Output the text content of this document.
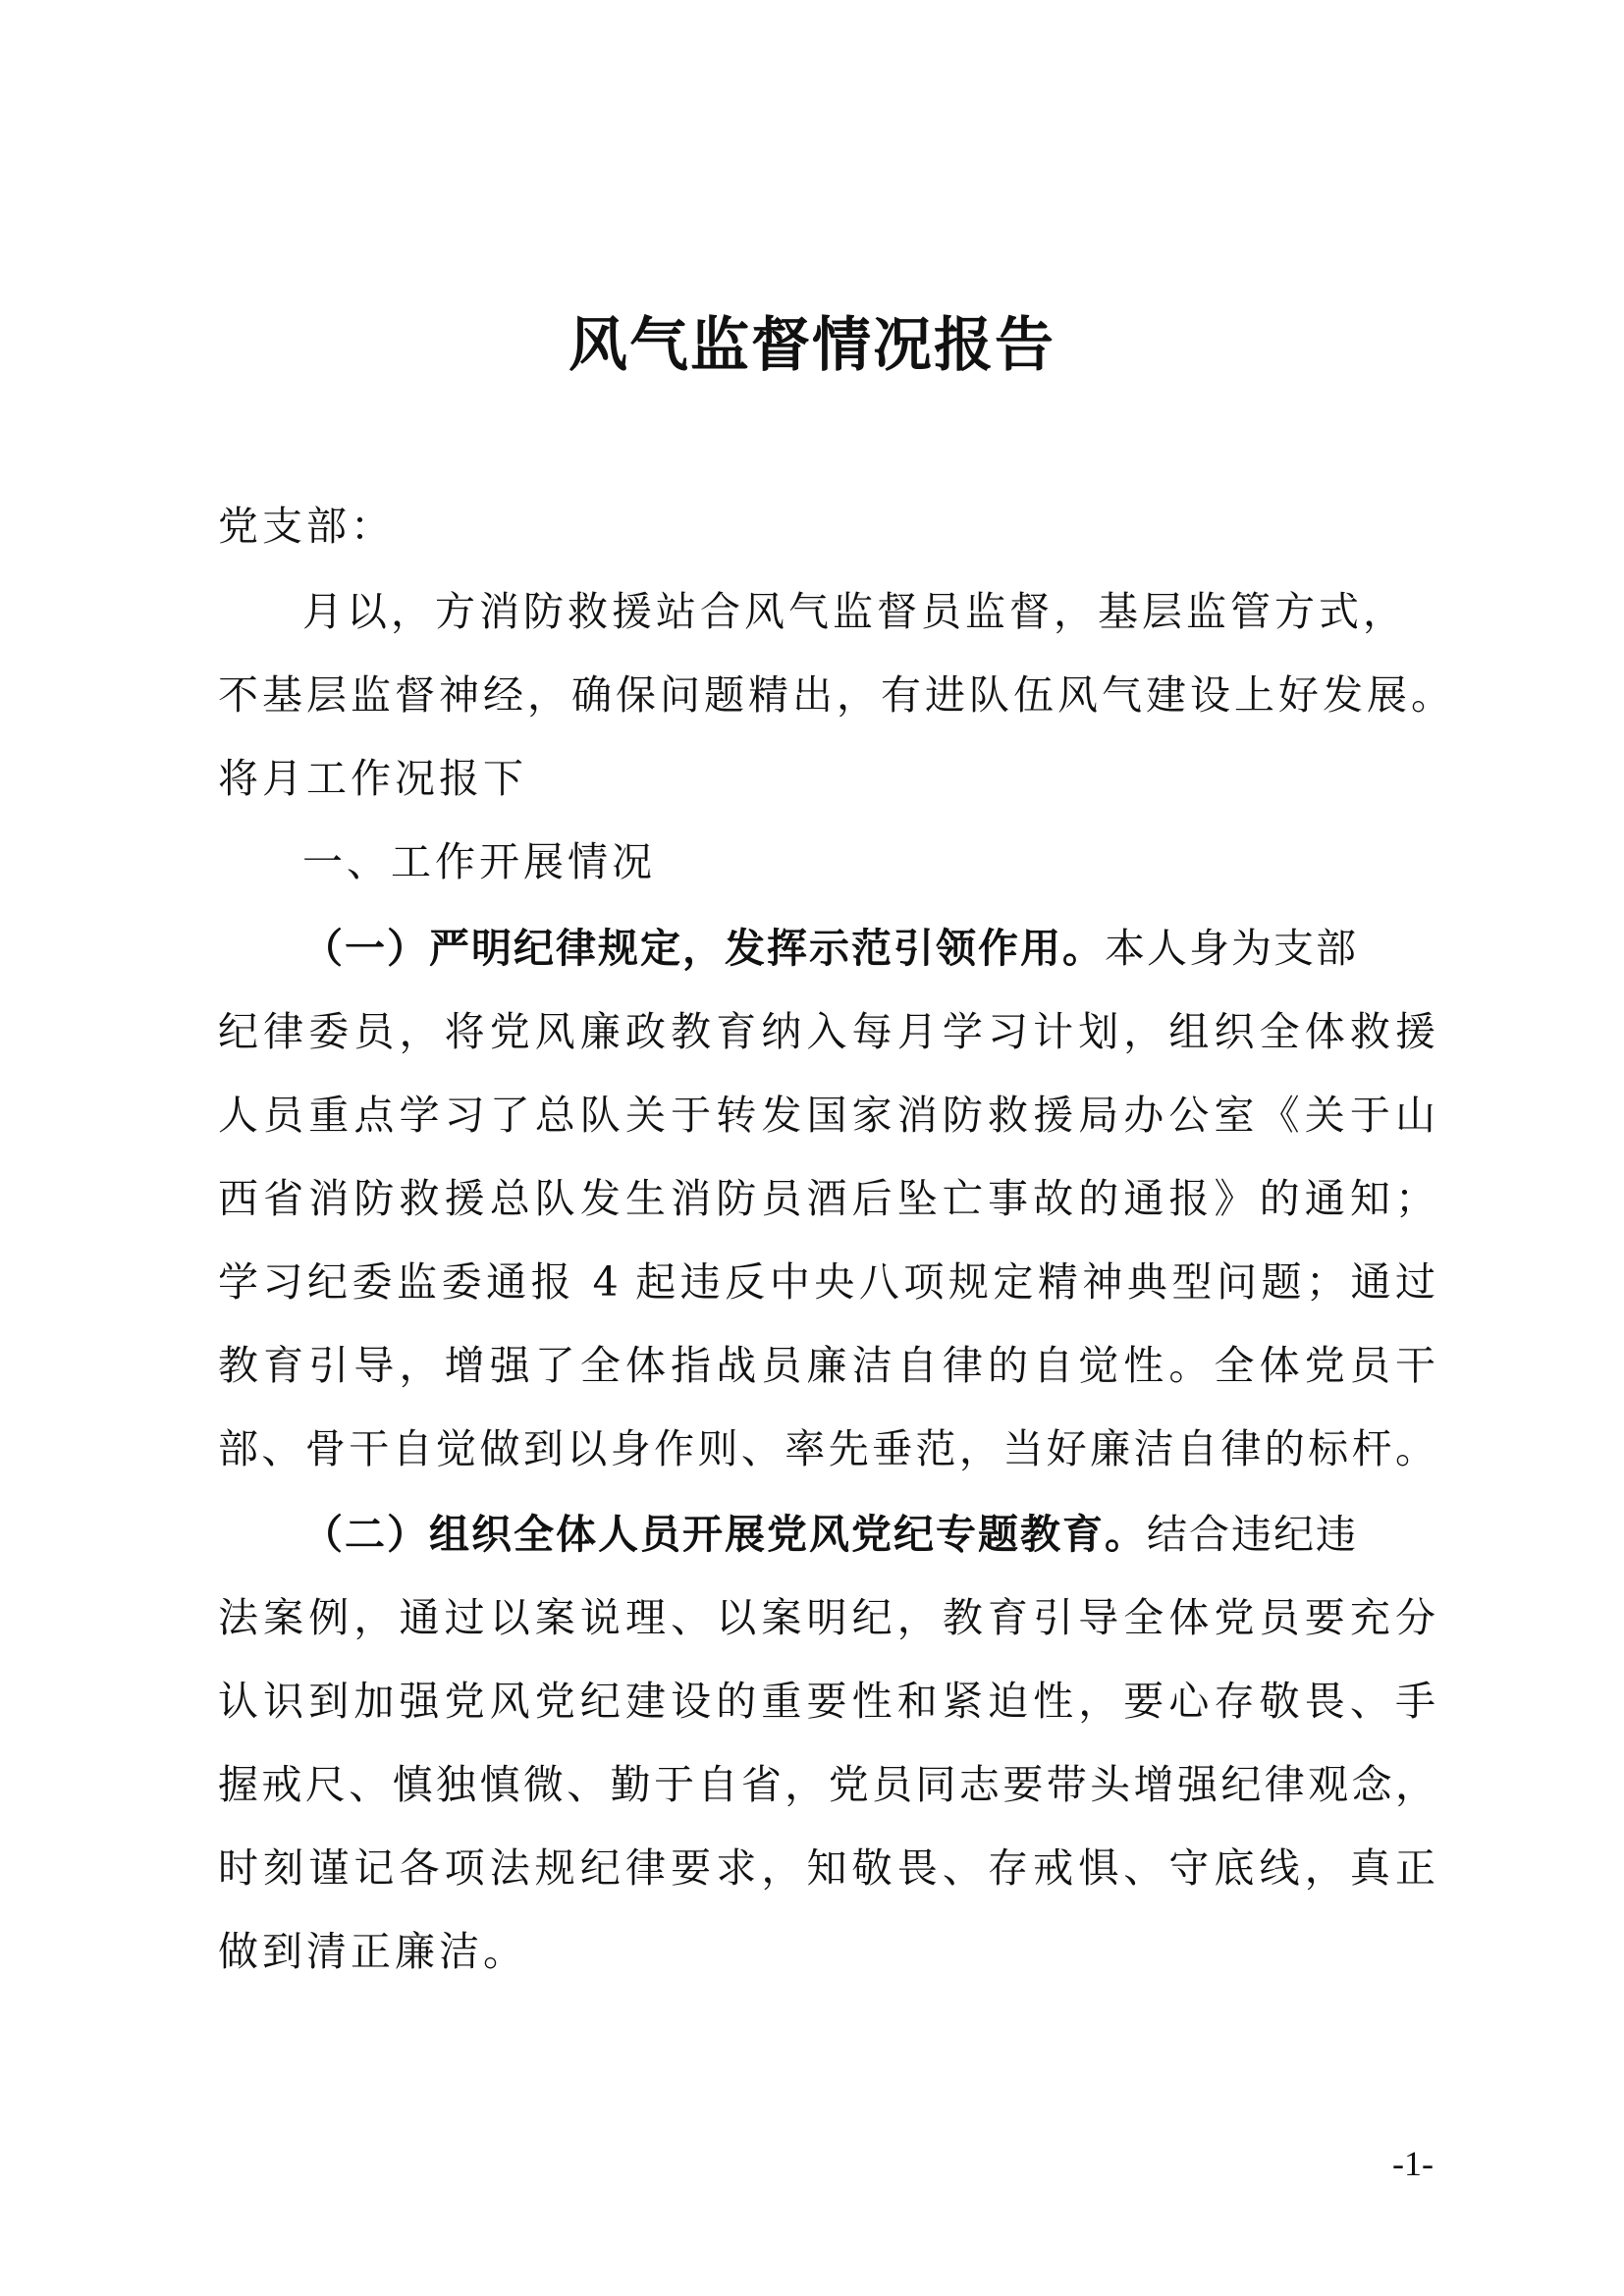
风气监督情况报告
党支部：
月以，方消防救援站合风气监督员监督，基层监管方式，
不基层监督神经，确保问题精出，有进队伍风气建设上好发展。
将月工作况报下
一、工作开展情况
（一）严明纪律规定，发挥示范引领作用。本人身为支部
纪律委员，将党风廉政教育纳入每月学习计划，组织全体救援
人员重点学习了总队关于转发国家消防救援局办公室《关于山
西省消防救援总队发生消防员酒后坠亡事故的通报》的通知；
学习纪委监委通报 4 起违反中央八项规定精神典型问题；通过
教育引导，增强了全体指战员廉洁自律的自觉性。全体党员干
部、骨干自觉做到以身作则、率先垂范，当好廉洁自律的标杆。
（二）组织全体人员开展党风党纪专题教育。结合违纪违
法案例，通过以案说理、以案明纪，教育引导全体党员要充分
认识到加强党风党纪建设的重要性和紧迫性，要心存敬畏、手
握戒尺、慎独慎微、勤于自省，党员同志要带头增强纪律观念，
时刻谨记各项法规纪律要求，知敬畏、存戒惧、守底线，真正
做到清正廉洁。
-1-
